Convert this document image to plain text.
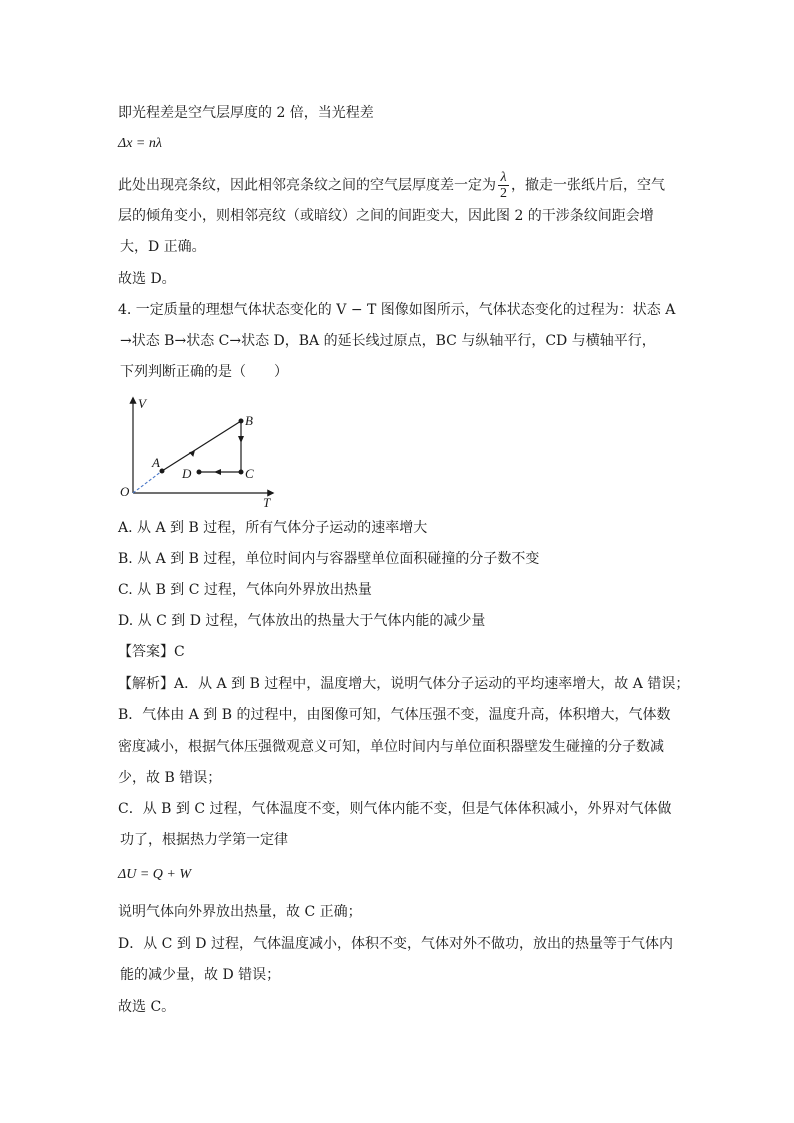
即光程差是空气层厚度的 2 倍，当光程差
Δx = nλ
此处出现亮条纹，因此相邻亮条纹之间的空气层厚度差一定为 $\frac{\lambda}{2}$ ，撤走一张纸片后，空气
层的倾角变小，则相邻亮纹（或暗纹）之间的间距变大，因此图 2 的干涉条纹间距会增
大，D 正确。
故选 D。
4. 一定质量的理想气体状态变化的 V − T 图像如图所示，气体状态变化的过程为：状态 A
→状态 B→状态 C→状态 D，BA 的延长线过原点，BC 与纵轴平行，CD 与横轴平行，
下列判断正确的是（　　）
V
T
O
A
B
C
D
A. 从 A 到 B 过程，所有气体分子运动的速率增大
B. 从 A 到 B 过程，单位时间内与容器壁单位面积碰撞的分子数不变
C. 从 B 到 C 过程，气体向外界放出热量
D. 从 C 到 D 过程，气体放出的热量大于气体内能的减少量
【答案】C
【解析】A．从 A 到 B 过程中，温度增大，说明气体分子运动的平均速率增大，故 A 错误；
B．气体由 A 到 B 的过程中，由图像可知，气体压强不变，温度升高，体积增大，气体数
密度减小，根据气体压强微观意义可知，单位时间内与单位面积器壁发生碰撞的分子数减
少，故 B 错误；
C．从 B 到 C 过程，气体温度不变，则气体内能不变，但是气体体积减小，外界对气体做
功了，根据热力学第一定律
ΔU = Q + W
说明气体向外界放出热量，故 C 正确；
D．从 C 到 D 过程，气体温度减小，体积不变，气体对外不做功，放出的热量等于气体内
能的减少量，故 D 错误；
故选 C。
